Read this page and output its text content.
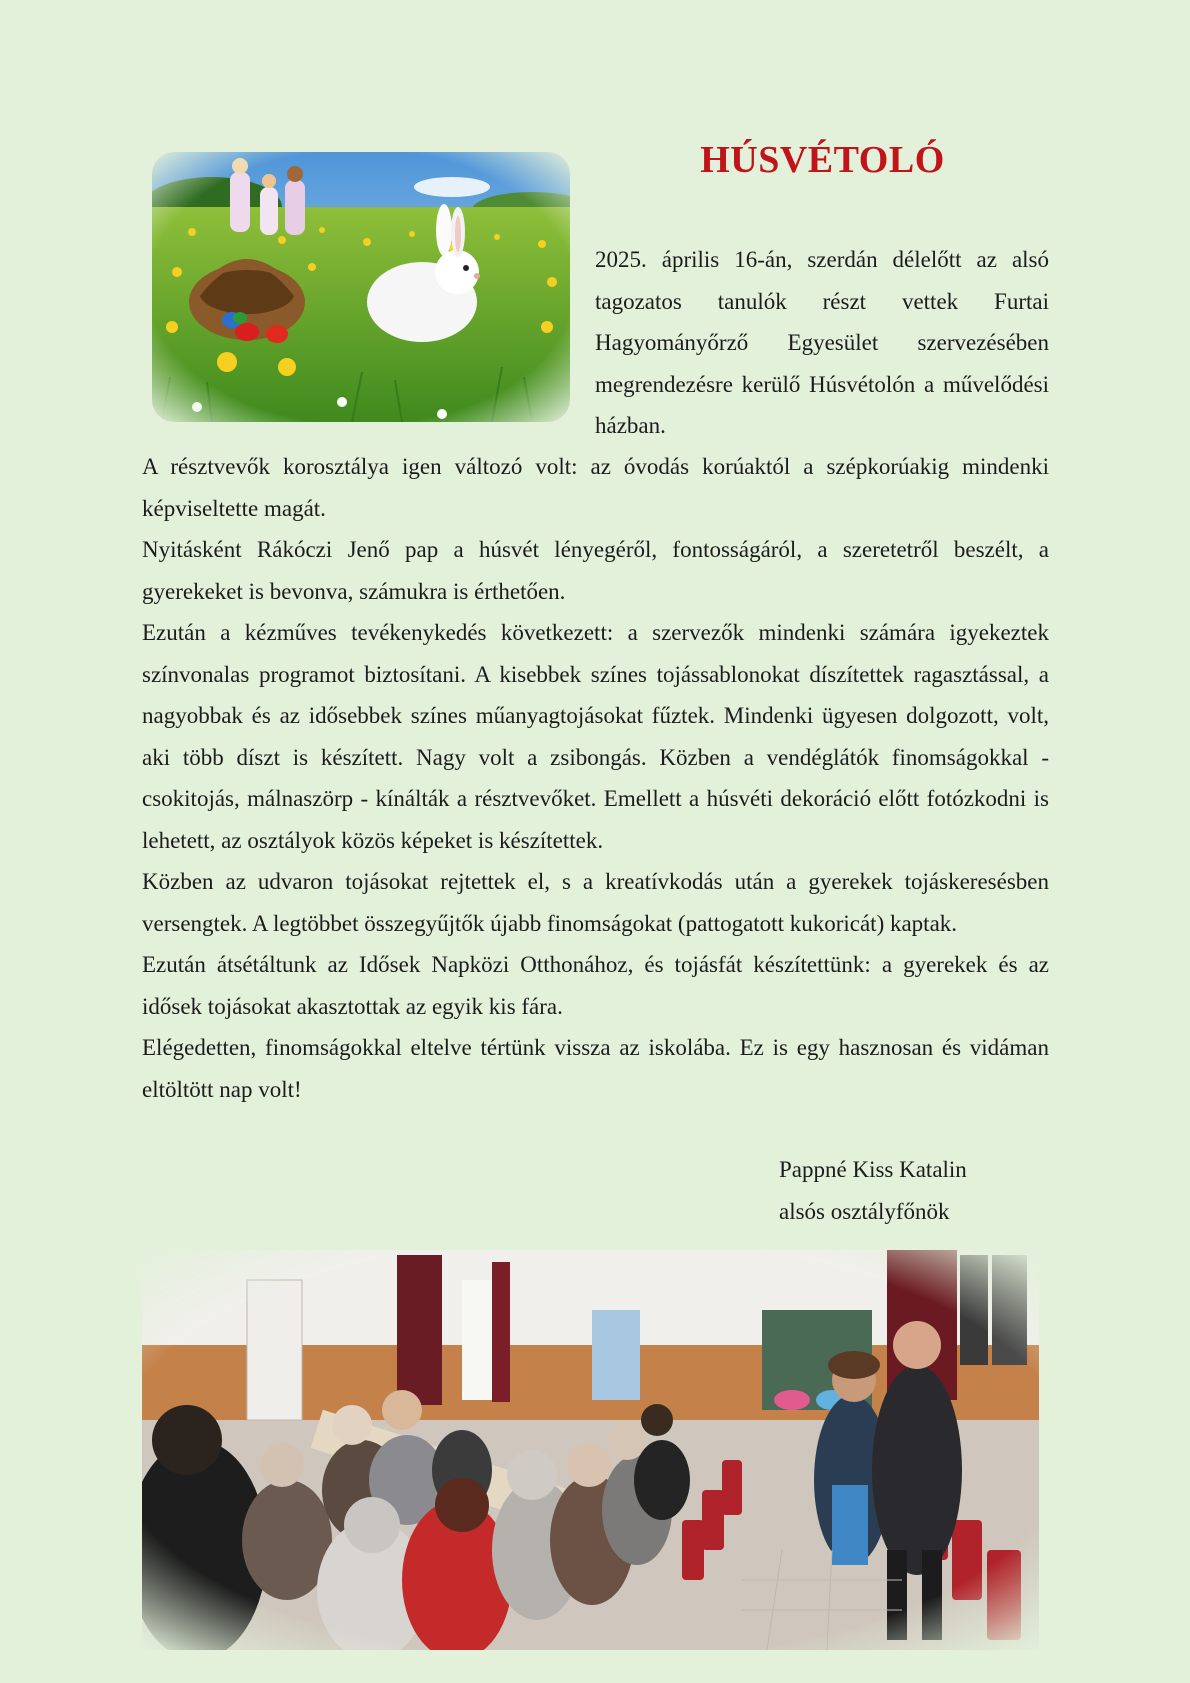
HÚSVÉTOLÓ

2025. április 16-án, szerdán délelőtt az alsó tagozatos tanulók részt vettek Furtai Hagyományőrző Egyesület szervezésében megrendezésre kerülő Húsvétolón a művelődési házban.

A résztvevők korosztálya igen változó volt: az óvodás korúaktól a szépkorúakig mindenki képviseltette magát.

Nyitásként Rákóczi Jenő pap a húsvét lényegéről, fontosságáról, a szeretetről beszélt, a gyerekeket is bevonva, számukra is érthetően.

Ezután a kézműves tevékenykedés következett: a szervezők mindenki számára igyekeztek színvonalas programot biztosítani. A kisebbek színes tojássablonokat díszítettek ragasztással, a nagyobbak és az idősebbek színes műanyagtojásokat fűztek. Mindenki ügyesen dolgozott, volt, aki több díszt is készített. Nagy volt a zsibongás. Közben a vendéglátók finomságokkal - csokitojás, málnaszörp - kínálták a résztvevőket. Emellett a húsvéti dekoráció előtt fotózkodni is lehetett, az osztályok közös képeket is készítettek.

Közben az udvaron tojásokat rejtettek el, s a kreatívkodás után a gyerekek tojáskeresésben versengtek. A legtöbbet összegyűjtők újabb finomságokat (pattogatott kukoricát) kaptak.

Ezután átsétáltunk az Idősek Napközi Otthonához, és tojásfát készítettünk: a gyerekek és az idősek tojásokat akasztottak az egyik kis fára.

Elégedetten, finomságokkal eltelve tértünk vissza az iskolába. Ez is egy hasznosan és vidáman eltöltött nap volt!

Pappné Kiss Katalin
alsós osztályfőnök
